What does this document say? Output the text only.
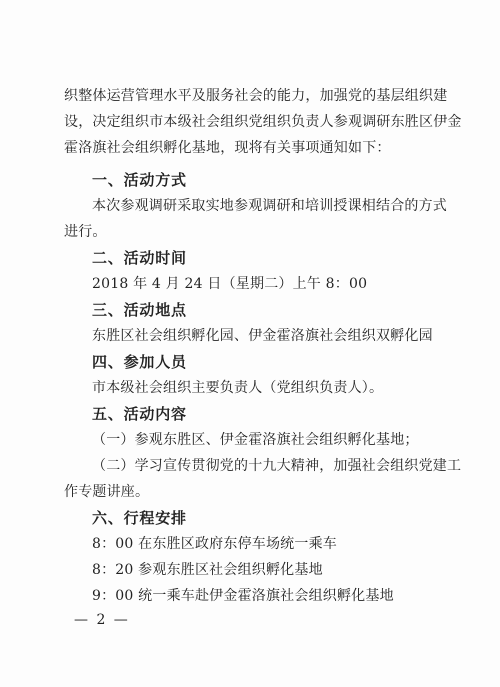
织整体运营管理水平及服务社会的能力，加强党的基层组织建
设，决定组织市本级社会组织党组织负责人参观调研东胜区伊金
霍洛旗社会组织孵化基地，现将有关事项通知如下：
一、活动方式
本次参观调研采取实地参观调研和培训授课相结合的方式
进行。
二、活动时间
2018 年 4 月 24 日（星期二）上午 8：00
三、活动地点
东胜区社会组织孵化园、伊金霍洛旗社会组织双孵化园
四、参加人员
市本级社会组织主要负责人（党组织负责人）。
五、活动内容
（一）参观东胜区、伊金霍洛旗社会组织孵化基地；
（二）学习宣传贯彻党的十九大精神，加强社会组织党建工
作专题讲座。
六、行程安排
8：00 在东胜区政府东停车场统一乘车
8：20 参观东胜区社会组织孵化基地
9：00 统一乘车赴伊金霍洛旗社会组织孵化基地
— 2 —
